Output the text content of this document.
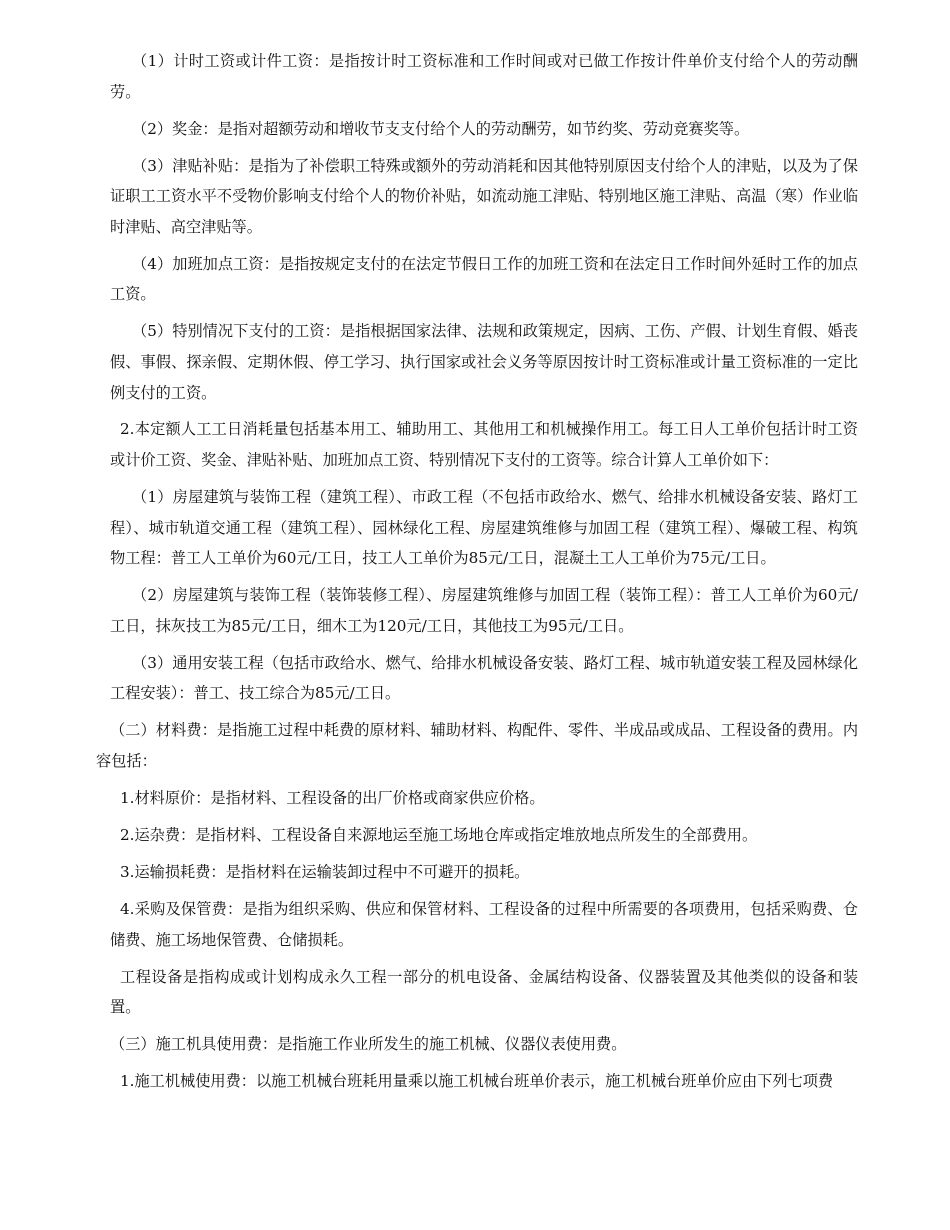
（1）计时工资或计件工资：是指按计时工资标准和工作时间或对已做工作按计件单价支付给个人的劳动酬劳。

（2）奖金：是指对超额劳动和增收节支支付给个人的劳动酬劳，如节约奖、劳动竞赛奖等。

（3）津贴补贴：是指为了补偿职工特殊或额外的劳动消耗和因其他特别原因支付给个人的津贴，以及为了保证职工工资水平不受物价影响支付给个人的物价补贴，如流动施工津贴、特别地区施工津贴、高温（寒）作业临时津贴、高空津贴等。

（4）加班加点工资：是指按规定支付的在法定节假日工作的加班工资和在法定日工作时间外延时工作的加点工资。

（5）特别情况下支付的工资：是指根据国家法律、法规和政策规定，因病、工伤、产假、计划生育假、婚丧假、事假、探亲假、定期休假、停工学习、执行国家或社会义务等原因按计时工资标准或计量工资标准的一定比例支付的工资。

2.本定额人工工日消耗量包括基本用工、辅助用工、其他用工和机械操作用工。每工日人工单价包括计时工资或计价工资、奖金、津贴补贴、加班加点工资、特别情况下支付的工资等。综合计算人工单价如下：

（1）房屋建筑与装饰工程（建筑工程）、市政工程（不包括市政给水、燃气、给排水机械设备安装、路灯工程）、城市轨道交通工程（建筑工程）、园林绿化工程、房屋建筑维修与加固工程（建筑工程）、爆破工程、构筑物工程：普工人工单价为60元/工日，技工人工单价为85元/工日，混凝土工人工单价为75元/工日。

（2）房屋建筑与装饰工程（装饰装修工程）、房屋建筑维修与加固工程（装饰工程）：普工人工单价为60元/工日，抹灰技工为85元/工日，细木工为120元/工日，其他技工为95元/工日。

（3）通用安装工程（包括市政给水、燃气、给排水机械设备安装、路灯工程、城市轨道安装工程及园林绿化工程安装）：普工、技工综合为85元/工日。

（二）材料费：是指施工过程中耗费的原材料、辅助材料、构配件、零件、半成品或成品、工程设备的费用。内容包括：

1.材料原价：是指材料、工程设备的出厂价格或商家供应价格。

2.运杂费：是指材料、工程设备自来源地运至施工场地仓库或指定堆放地点所发生的全部费用。

3.运输损耗费：是指材料在运输装卸过程中不可避开的损耗。

4.采购及保管费：是指为组织采购、供应和保管材料、工程设备的过程中所需要的各项费用，包括采购费、仓储费、施工场地保管费、仓储损耗。

工程设备是指构成或计划构成永久工程一部分的机电设备、金属结构设备、仪器装置及其他类似的设备和装置。

（三）施工机具使用费：是指施工作业所发生的施工机械、仪器仪表使用费。

1.施工机械使用费：以施工机械台班耗用量乘以施工机械台班单价表示，施工机械台班单价应由下列七项费
